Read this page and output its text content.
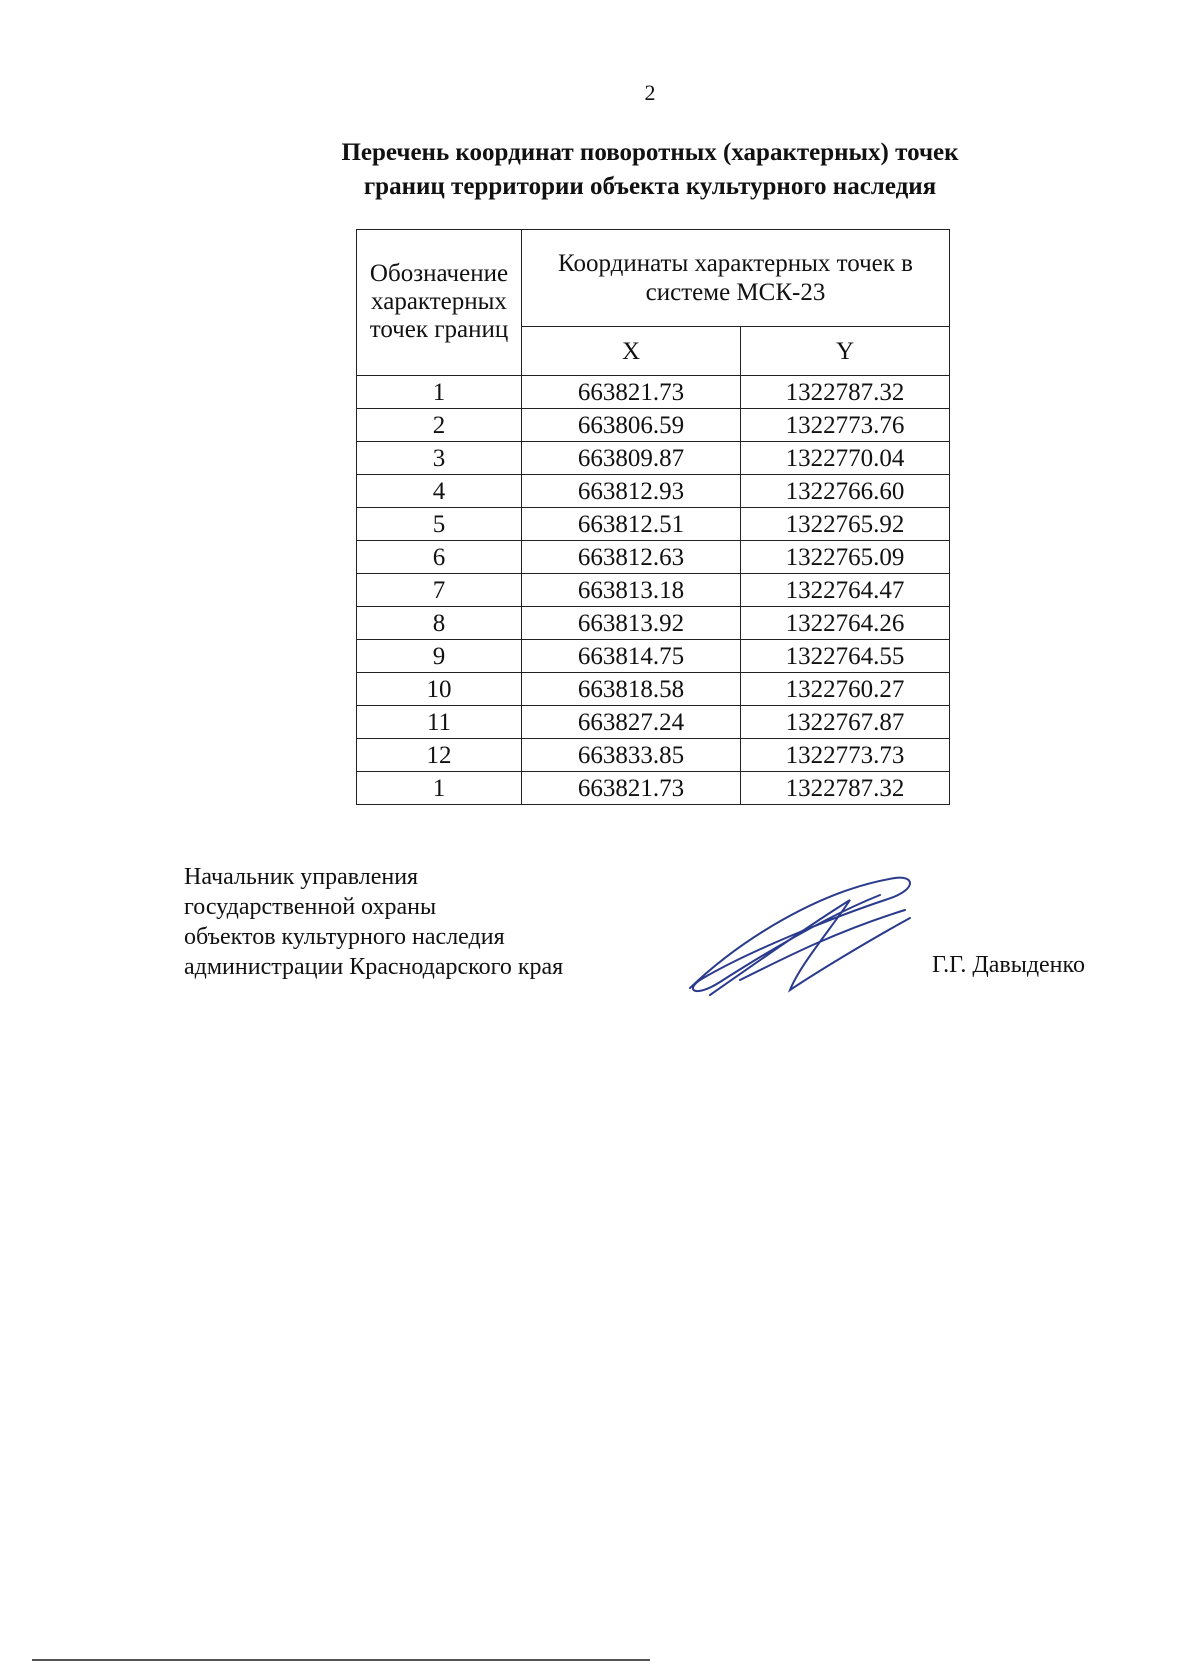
2
Перечень координат поворотных (характерных) точек
границ территории объекта культурного наследия
Обозначение характерных точек границ	Координаты характерных точек в системе МСК-23	
	X	Y
1	663821.73	1322787.32
2	663806.59	1322773.76
3	663809.87	1322770.04
4	663812.93	1322766.60
5	663812.51	1322765.92
6	663812.63	1322765.09
7	663813.18	1322764.47
8	663813.92	1322764.26
9	663814.75	1322764.55
10	663818.58	1322760.27
11	663827.24	1322767.87
12	663833.85	1322773.73
1	663821.73	1322787.32
Начальник управления
государственной охраны
объектов культурного наследия
администрации Краснодарского края	Г.Г. Давыденко
